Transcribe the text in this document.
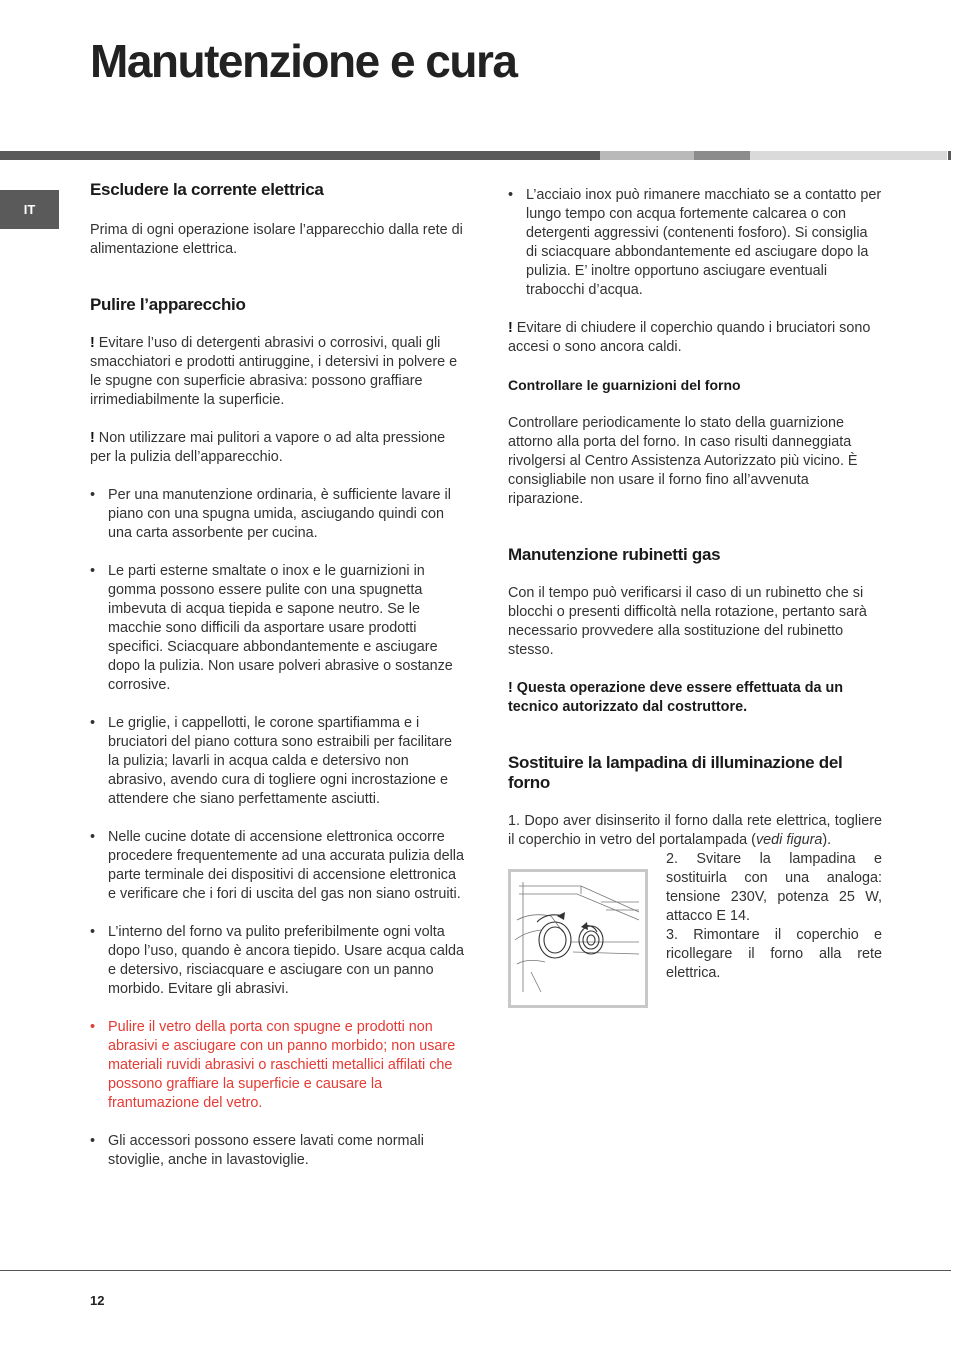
Manutenzione e cura
IT
Escludere la corrente elettrica

Prima di ogni operazione isolare l’apparecchio dalla rete di alimentazione elettrica.

Pulire l’apparecchio

! Evitare l’uso di detergenti abrasivi o corrosivi, quali gli smacchiatori e prodotti antiruggine, i detersivi in polvere e le spugne con superficie abrasiva: possono graffiare irrimediabilmente la superficie.

! Non utilizzare mai pulitori a vapore o ad alta pressione per la pulizia dell’apparecchio.

• Per una manutenzione ordinaria, è sufficiente lavare il piano con una spugna umida, asciugando quindi con una carta assorbente per cucina.
• Le parti esterne smaltate o inox e le guarnizioni in gomma possono essere pulite con una spugnetta imbevuta di acqua tiepida e sapone neutro. Se le macchie sono difficili da asportare usare prodotti specifici. Sciacquare abbondantemente e asciugare dopo la pulizia. Non usare polveri abrasive o sostanze corrosive.
• Le griglie, i cappellotti, le corone spartifiamma e i bruciatori del piano cottura sono estraibili per facilitare la pulizia; lavarli in acqua calda e detersivo non abrasivo, avendo cura di togliere ogni incrostazione e attendere che siano perfettamente asciutti.
• Nelle cucine dotate di accensione elettronica occorre procedere frequentemente ad una accurata pulizia della parte terminale dei dispositivi di accensione elettronica e verificare che i fori di uscita del gas non siano ostruiti.
• L’interno del forno va pulito preferibilmente ogni volta dopo l’uso, quando è ancora tiepido. Usare acqua calda e detersivo, risciacquare e asciugare con un panno morbido. Evitare gli abrasivi.
• Pulire il vetro della porta con spugne e prodotti non abrasivi e asciugare con un panno morbido; non usare materiali ruvidi abrasivi o raschietti metallici affilati che possono graffiare la superficie e causare la frantumazione del vetro.
• Gli accessori possono essere lavati come normali stoviglie, anche in lavastoviglie.
• L’acciaio inox può rimanere macchiato se a contatto per lungo tempo con acqua fortemente calcarea o con detergenti aggressivi (contenenti fosforo). Si consiglia di sciacquare abbondantemente ed asciugare dopo la pulizia. E’ inoltre opportuno asciugare eventuali trabocchi d’acqua.

! Evitare di chiudere il coperchio quando i bruciatori sono accesi o sono ancora caldi.

Controllare le guarnizioni del forno

Controllare periodicamente lo stato della guarnizione attorno alla porta del forno. In caso risulti danneggiata rivolgersi al Centro Assistenza Autorizzato più vicino. È consigliabile non usare il forno fino all’avvenuta riparazione.

Manutenzione rubinetti gas

Con il tempo può verificarsi il caso di un rubinetto che si blocchi o presenti difficoltà nella rotazione, pertanto sarà necessario provvedere alla sostituzione del rubinetto stesso.

! Questa operazione deve essere effettuata da un tecnico autorizzato dal costruttore.

Sostituire la lampadina di illuminazione del forno

1. Dopo aver disinserito il forno dalla rete elettrica, togliere il coperchio in vetro del portalampada (vedi figura).

2. Svitare la lampadina e sostituirla con una analoga: tensione 230V, potenza 25 W, attacco E 14.

3. Rimontare il coperchio e ricollegare il forno alla rete elettrica.

12
